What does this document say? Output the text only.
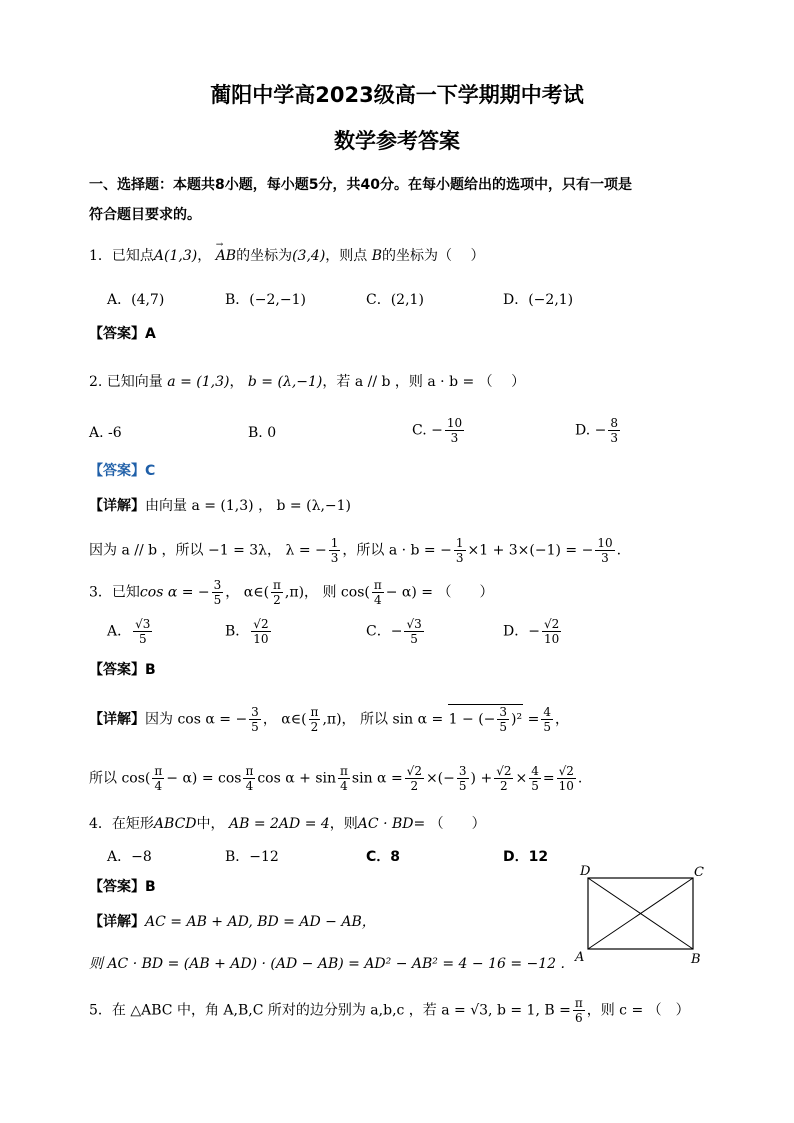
蔺阳中学高2023级高一下学期期中考试
数学参考答案
一、选择题：本题共8小题，每小题5分，共40分。在每小题给出的选项中，只有一项是
符合题目要求的。
1．已知点A(1,3)， → AB的坐标为(3,4)，则点 B的坐标为（　 ）
A．(4,7)	B．(−2,−1)	C．(2,1)	D．(−2,1)
【答案】A
2. 已知向量 a = (1,3)， b = (λ,−1)，若 a // b ，则 a · b = （　 ）
A. -6	B. 0	C. − $\frac{10}{3}$	D. − $\frac{8}{3}$
【答案】C
【详解】由向量 a = (1,3) ， b = (λ,−1)
因为 a // b ，所以 −1 = 3λ， λ = − $\frac{1}{3}$ ，所以 a · b = − $\frac{1}{3} \times 1 + 3\times(-1)$ = − $\frac{10}{3}$ .
3．已知cos α = − $\frac{3}{5}$ ， α∈( $\frac{\pi}{2} ,\pi$)， 则 $\cos( \frac{\pi}{4} - \alpha)$ = （　　）
A． $\frac{√3}{5}$	B． $\frac{√2}{10}$	C．− $\frac{√3}{5}$	D．− $\frac{√2}{10}$
【答案】B
【详解】因为 cos α = − $\frac{3}{5}$ ， α∈( $\frac{\pi}{2} ,\pi$)， 所以 sin α = 1 − (− $\frac{3}{5} )^2 = \frac{4}{5}$ ，
所以 $\cos( \frac{\pi}{4} - \alpha) = \cos \frac{\pi}{4}$ $\cos \alpha + \sin \frac{\pi}{4}$ $\sin \alpha = \frac{√2}{2}$ ×(− $\frac{3}{5}$ ) + $\frac{√2}{2} \times \frac{4}{5} = \frac{√2}{10}$ .
4．在矩形ABCD中， AB = 2AD = 4，则AC · BD= （　　）
A．−8	B．−12	C．8	D．12
【答案】B
【详解】AC = AB + AD, BD = AD − AB，
则 AC · BD = (AB + AD) · (AD − AB) = AD² − AB² = 4 − 16 = −12 .
D	C
A	B
5．在 △ABC 中，角 A,B,C 所对的边分别为 a,b,c ，若 a = √3, b = 1, $B = \frac{\pi}{6}$ ，则 c = （　）
